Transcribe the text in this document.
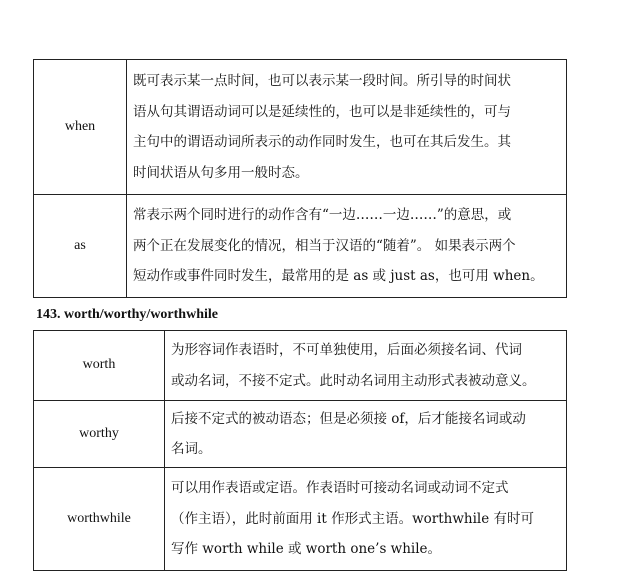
when	既可表示某一点时间，也可以表示某一段时间。所引导的时间状
语从句其谓语动词可以是延续性的，也可以是非延续性的，可与
主句中的谓语动词所表示的动作同时发生，也可在其后发生。其
时间状语从句多用一般时态。

as	常表示两个同时进行的动作含有“一边……一边……”的意思，或
两个正在发展变化的情况，相当于汉语的“随着”。 如果表示两个
短动作或事件同时发生，最常用的是 as 或 just as，也可用 when。
143. worth/worthy/worthwhile
worth	为形容词作表语时，不可单独使用，后面必须接名词、代词
或动名词，不接不定式。此时动名词用主动形式表被动意义。

worthy	后接不定式的被动语态；但是必须接 of，后才能接名词或动
名词。

worthwhile	可以用作表语或定语。作表语时可接动名词或动词不定式
（作主语），此时前面用 it 作形式主语。worthwhile 有时可
写作 worth while 或 worth one’s while。
